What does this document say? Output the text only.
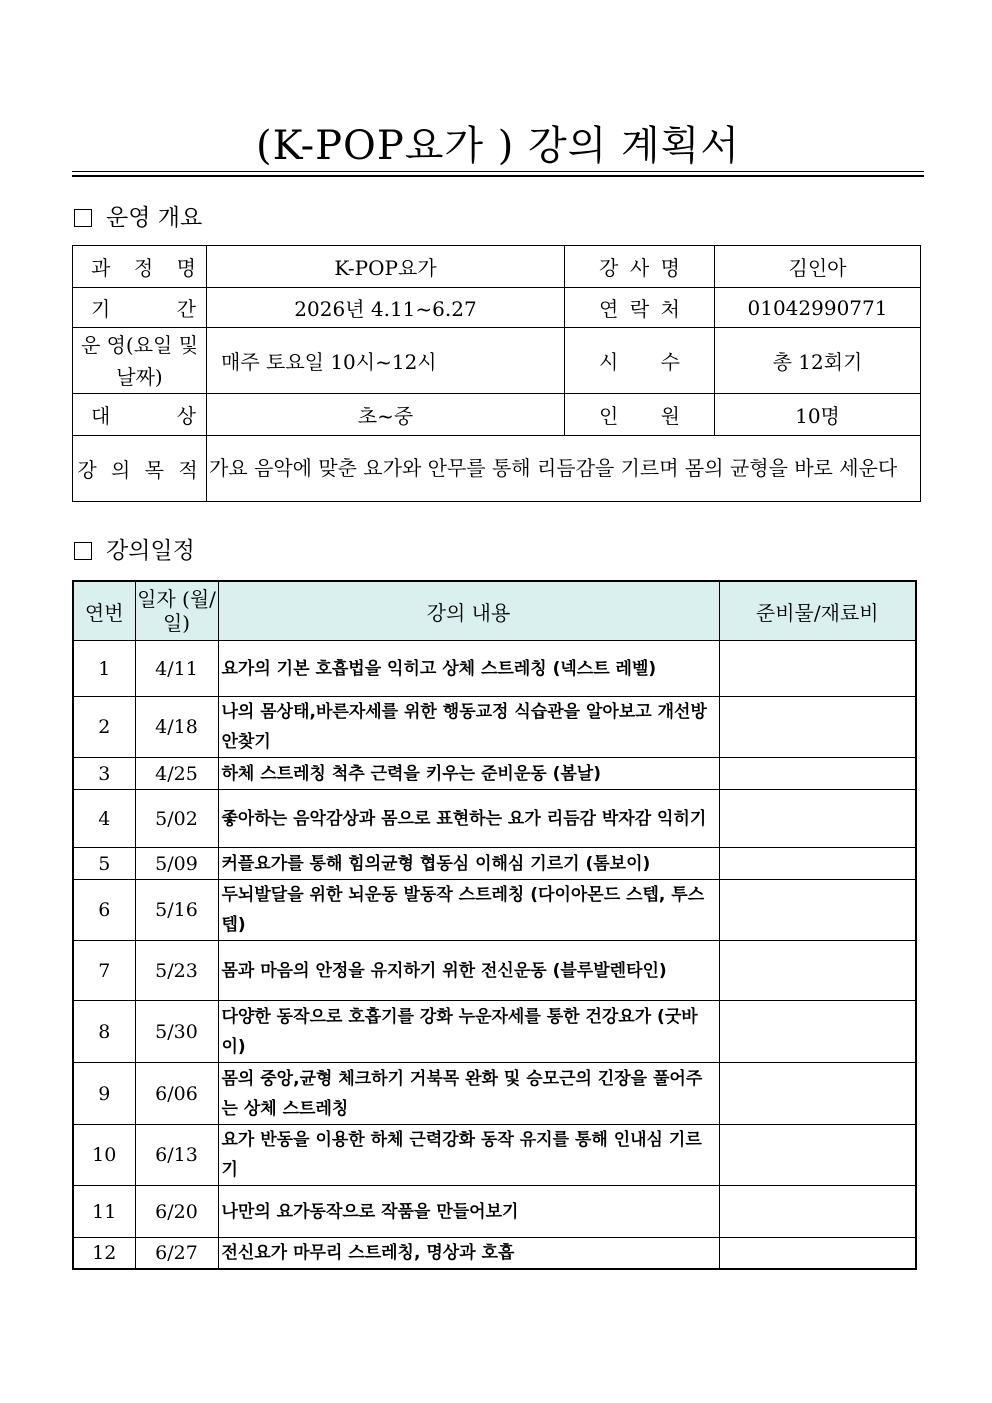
(K-POP요가 ) 강의 계획서
운영 개요
과 정 명	K-POP요가	강 사 명	김인아

기 간	2026년 4.11~6.27	연 락 처	01042990771
운 영(요일 및 날짜)	매주 토요일 10시~12시	시 수	총 12회기

대 상	초~중	인 원	10명
강 의 목 적	가요 음악에 맞춘 요가와 안무를 통해 리듬감을 기르며 몸의 균형을 바로 세운다		
강의일정
연번	일자 (월/일)	강의 내용	준비물/재료비
1	4/11	요가의 기본 호흡법을 익히고 상체 스트레칭 (넥스트 레벨)	
2	4/18	나의 몸상태,바른자세를 위한 행동교정 식습관을 알아보고 개선방안찾기	
3	4/25	하체 스트레칭 척추 근력을 키우는 준비운동 (봄날)	
4	5/02	좋아하는 음악감상과 몸으로 표현하는 요가 리듬감 박자감 익히기	
5	5/09	커플요가를 통해 힘의균형 협동심 이해심 기르기 (톰보이)	
6	5/16	두뇌발달을 위한 뇌운동 발동작 스트레칭 (다이아몬드 스텝, 투스텝)	
7	5/23	몸과 마음의 안정을 유지하기 위한 전신운동 (블루발렌타인)	
8	5/30	다양한 동작으로 호흡기를 강화 누운자세를 통한 건강요가 (굿바이)	
9	6/06	몸의 중앙,균형 체크하기 거북목 완화 및 승모근의 긴장을 풀어주는 상체 스트레칭	
10	6/13	요가 반동을 이용한 하체 근력강화 동작 유지를 통해 인내심 기르기	
11	6/20	나만의 요가동작으로 작품을 만들어보기	
12	6/27	전신요가 마무리 스트레칭, 명상과 호흡	
